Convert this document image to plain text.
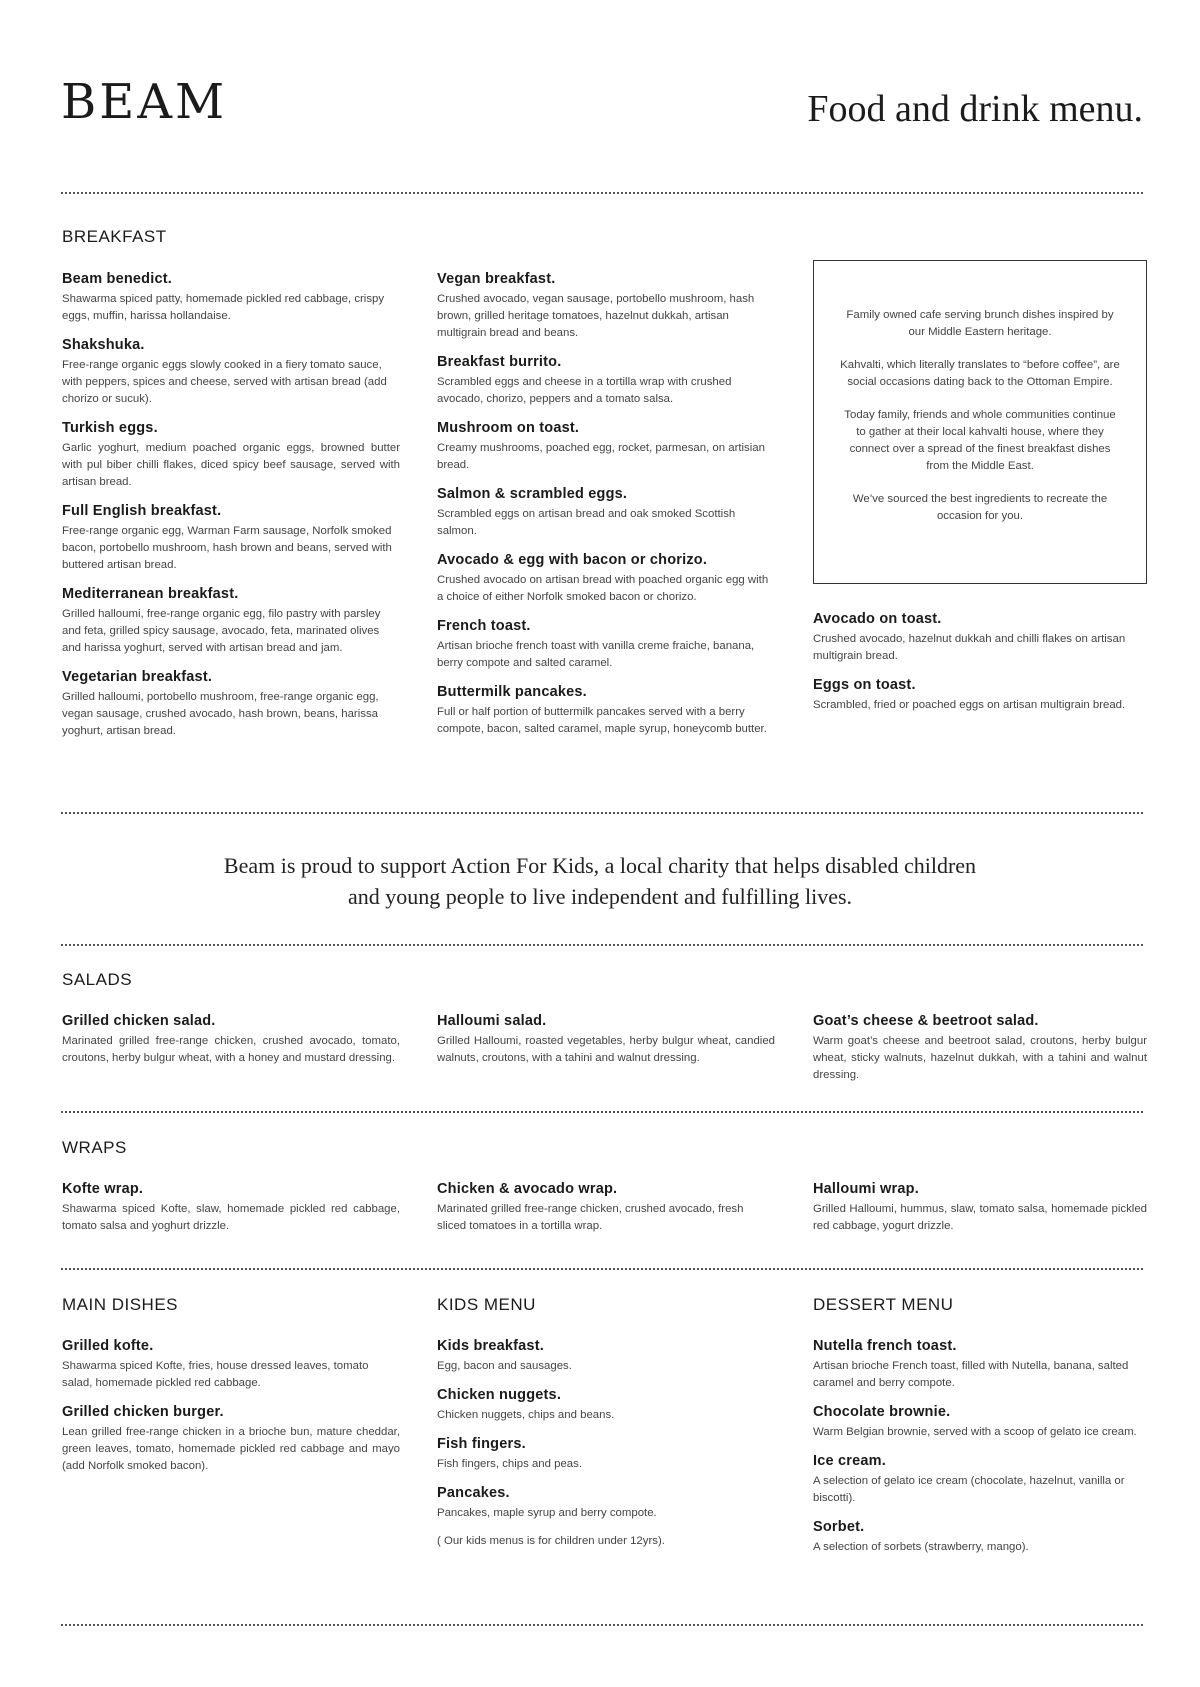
BEAM	Food and drink menu.
BREAKFAST
Beam benedict.
Shawarma spiced patty, homemade pickled red cabbage, crispy eggs, muffin, harissa hollandaise.
Shakshuka.
Free-range organic eggs slowly cooked in a fiery tomato sauce, with peppers, spices and cheese, served with artisan bread (add chorizo or sucuk).
Turkish eggs.
Garlic yoghurt, medium poached organic eggs, browned butter with pul biber chilli flakes, diced spicy beef sausage, served with artisan bread.
Full English breakfast.
Free-range organic egg, Warman Farm sausage, Norfolk smoked bacon, portobello mushroom, hash brown and beans, served with buttered artisan bread.
Mediterranean breakfast.
Grilled halloumi, free-range organic egg, filo pastry with parsley and feta, grilled spicy sausage, avocado, feta, marinated olives and harissa yoghurt, served with artisan bread and jam.
Vegetarian breakfast.
Grilled halloumi, portobello mushroom, free-range organic egg, vegan sausage, crushed avocado, hash brown, beans, harissa yoghurt, artisan bread.
Vegan breakfast.
Crushed avocado, vegan sausage, portobello mushroom, hash brown, grilled heritage tomatoes, hazelnut dukkah, artisan multigrain bread and beans.
Breakfast burrito.
Scrambled eggs and cheese in a tortilla wrap with crushed avocado, chorizo, peppers and a tomato salsa.
Mushroom on toast.
Creamy mushrooms, poached egg, rocket, parmesan, on artisian bread.
Salmon & scrambled eggs.
Scrambled eggs on artisan bread and oak smoked Scottish salmon.
Avocado & egg with bacon or chorizo.
Crushed avocado on artisan bread with poached organic egg with a choice of either Norfolk smoked bacon or chorizo.
French toast.
Artisan brioche french toast with vanilla creme fraiche, banana, berry compote and salted caramel.
Buttermilk pancakes.
Full or half portion of buttermilk pancakes served with a berry compote, bacon, salted caramel, maple syrup, honeycomb butter.

Family owned cafe serving brunch dishes inspired by our Middle Eastern heritage.

Kahvalti, which literally translates to “before coffee”, are social occasions dating back to the Ottoman Empire.

Today family, friends and whole communities continue to gather at their local kahvalti house, where they connect over a spread of the finest breakfast dishes from the Middle East.

We’ve sourced the best ingredients to recreate the occasion for you.

Avocado on toast.
Crushed avocado, hazelnut dukkah and chilli flakes on artisan multigrain bread.
Eggs on toast.
Scrambled, fried or poached eggs on artisan multigrain bread.
Beam is proud to support Action For Kids, a local charity that helps disabled children
and young people to live independent and fulfilling lives.
SALADS
Grilled chicken salad.
Marinated grilled free-range chicken, crushed avocado, tomato, croutons, herby bulgur wheat, with a honey and mustard dressing.
Halloumi salad.
Grilled Halloumi, roasted vegetables, herby bulgur wheat, candied walnuts, croutons, with a tahini and walnut dressing.
Goat’s cheese & beetroot salad.
Warm goat’s cheese and beetroot salad, croutons, herby bulgur wheat, sticky walnuts, hazelnut dukkah, with a tahini and walnut dressing.
WRAPS
Kofte wrap.
Shawarma spiced Kofte, slaw, homemade pickled red cabbage, tomato salsa and yoghurt drizzle.
Chicken & avocado wrap.
Marinated grilled free-range chicken, crushed avocado, fresh sliced tomatoes in a tortilla wrap.
Halloumi wrap.
Grilled Halloumi, hummus, slaw, tomato salsa, homemade pickled red cabbage, yogurt drizzle.
MAIN DISHES	KIDS MENU	DESSERT MENU
Grilled kofte.
Shawarma spiced Kofte, fries, house dressed leaves, tomato salad, homemade pickled red cabbage.
Grilled chicken burger.
Lean grilled free-range chicken in a brioche bun, mature cheddar, green leaves, tomato, homemade pickled red cabbage and mayo (add Norfolk smoked bacon).
Kids breakfast.
Egg, bacon and sausages.
Chicken nuggets.
Chicken nuggets, chips and beans.
Fish fingers.
Fish fingers, chips and peas.
Pancakes.
Pancakes, maple syrup and berry compote.
( Our kids menus is for children under 12yrs).
Nutella french toast.
Artisan brioche French toast, filled with Nutella, banana, salted caramel and berry compote.
Chocolate brownie.
Warm Belgian brownie, served with a scoop of gelato ice cream.
Ice cream.
A selection of gelato ice cream (chocolate, hazelnut, vanilla or biscotti).
Sorbet.
A selection of sorbets (strawberry, mango).
